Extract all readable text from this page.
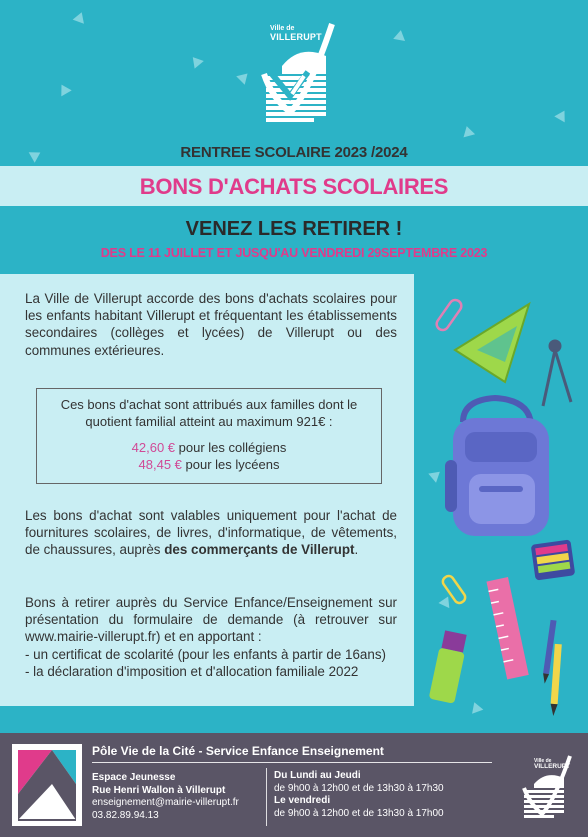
Ville de
VILLERUPT
RENTREE SCOLAIRE 2023 /2024
BONS D'ACHATS SCOLAIRES
VENEZ LES RETIRER !
DES LE 11 JUILLET ET JUSQU'AU VENDREDI 29SEPTEMBRE 2023
La Ville de Villerupt accorde des bons d'achats scolaires pour les enfants habitant Villerupt et fréquentant les établissements secondaires (collèges et lycées) de Villerupt ou des communes extérieures.
Ces bons d'achat sont attribués aux familles dont le quotient familial atteint au maximum 921€ :
42,60 € pour les collégiens
48,45 € pour les lycéens
Les bons d'achat sont valables uniquement pour l'achat de fournitures scolaires, de livres, d'informatique, de vêtements, de chaussures, auprès des commerçants de Villerupt.
Bons à retirer auprès du Service Enfance/Enseignement sur présentation du formulaire de demande (à retrouver sur www.mairie-villerupt.fr) et en apportant :
- un certificat de scolarité (pour les enfants à partir de 16ans)
- la déclaration d'imposition et d'allocation familiale 2022
Pôle Vie de la Cité - Service Enfance Enseignement
Espace Jeunesse
Rue Henri Wallon à Villerupt
enseignement@mairie-villerupt.fr
03.82.89.94.13
Du Lundi au Jeudi
de 9h00 à 12h00 et de 13h30 à 17h30
Le vendredi
de 9h00 à 12h00 et de 13h30 à 17h00
Ville de
VILLERUPT
